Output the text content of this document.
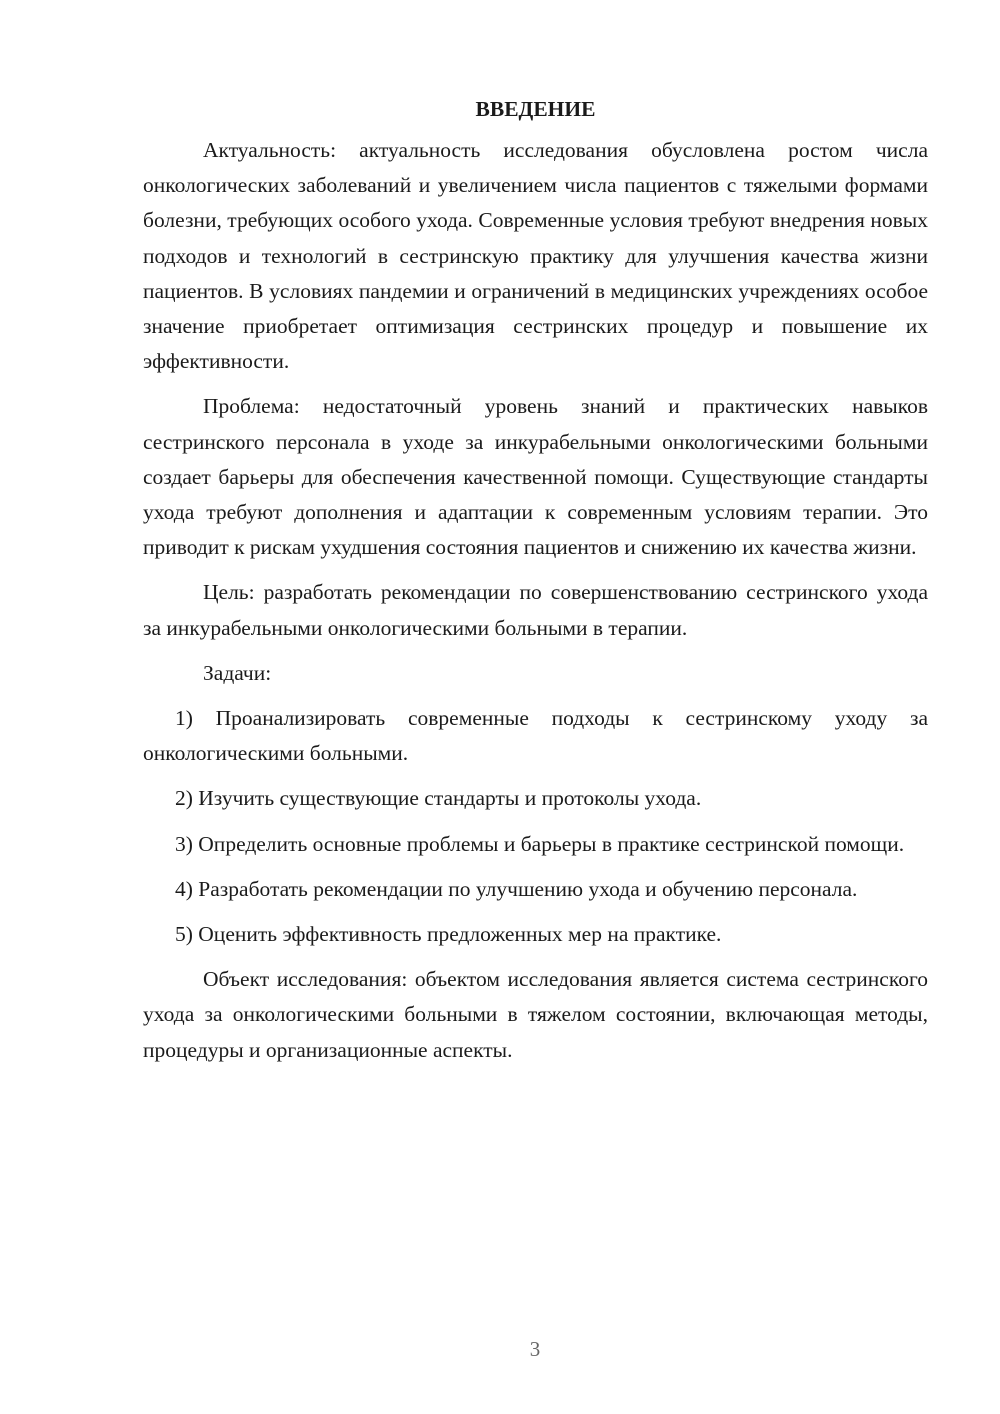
ВВЕДЕНИЕ

Актуальность: актуальность исследования обусловлена ростом числа онкологических заболеваний и увеличением числа пациентов с тяжелыми формами болезни, требующих особого ухода. Современные условия требуют внедрения новых подходов и технологий в сестринскую практику для улучшения качества жизни пациентов. В условиях пандемии и ограничений в медицинских учреждениях особое значение приобретает оптимизация сестринских процедур и повышение их эффективности.

Проблема: недостаточный уровень знаний и практических навыков сестринского персонала в уходе за инкурабельными онкологическими больными создает барьеры для обеспечения качественной помощи. Существующие стандарты ухода требуют дополнения и адаптации к современным условиям терапии. Это приводит к рискам ухудшения состояния пациентов и снижению их качества жизни.

Цель: разработать рекомендации по совершенствованию сестринского ухода за инкурабельными онкологическими больными в терапии.

Задачи:

1) Проанализировать современные подходы к сестринскому уходу за онкологическими больными.

2) Изучить существующие стандарты и протоколы ухода.

3) Определить основные проблемы и барьеры в практике сестринской помощи.

4) Разработать рекомендации по улучшению ухода и обучению персонала.

5) Оценить эффективность предложенных мер на практике.

Объект исследования: объектом исследования является система сестринского ухода за онкологическими больными в тяжелом состоянии, включающая методы, процедуры и организационные аспекты.

3
